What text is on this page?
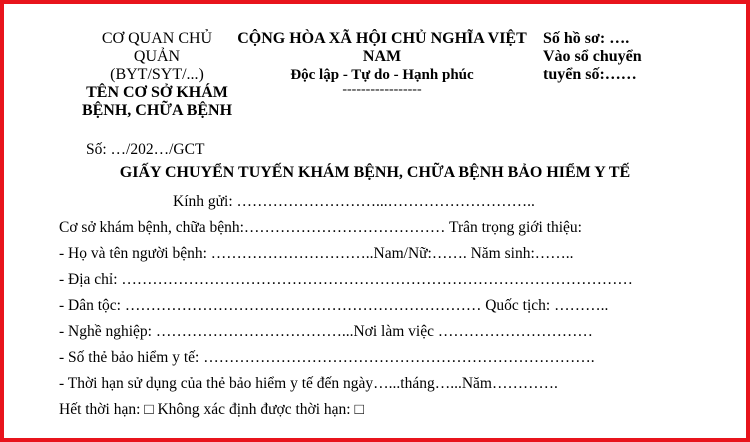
CƠ QUAN CHỦ
QUẢN
(BYT/SYT/...)
TÊN CƠ SỞ KHÁM
BỆNH, CHỮA BỆNH
CỘNG HÒA XÃ HỘI CHỦ NGHĨA VIỆT
NAM
Độc lập - Tự do - Hạnh phúc
-----------------
Số hồ sơ: ….
Vào sổ chuyển
tuyển số:……
Số: …/202…/GCT
GIẤY CHUYỂN TUYẾN KHÁM BỆNH, CHỮA BỆNH BẢO HIỂM Y TẾ
Kính gửi: ………………………...………………………..
Cơ sở khám bệnh, chữa bệnh:………………………………… Trân trọng giới thiệu:
- Họ và tên người bệnh: …………………………..Nam/Nữ:……. Năm sinh:……..
- Địa chỉ: ………………………………………………………………………………………
- Dân tộc: …………………………………………………………… Quốc tịch: ………..
- Nghề nghiệp: ………………………………...Nơi làm việc …………………………
- Số thẻ bảo hiểm y tế: ………………………………………………………………….
- Thời hạn sử dụng của thẻ bảo hiểm y tế đến ngày…...tháng…...Năm………….
Hết thời hạn: □ Không xác định được thời hạn: □
